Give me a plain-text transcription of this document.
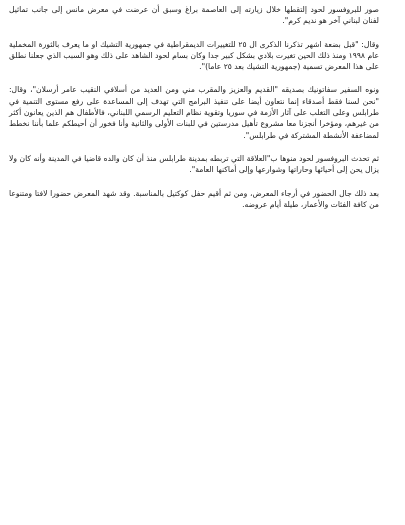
صور للبروفسور لحود إلتقطها خلال زيارته إلى العاصمة براغ وسبق أن عرضت في معرض مانس إلى جانب تماثيل لفنان لبناني آخر هو نديم كرم".

وقال: "قبل بضعة اشهر تذكرنا الذكرى ال ٢٥ للتغييرات الديمقراطية في جمهورية التشيك او ما يعرف بالثورة المخملية عام ١٩٩٨ ومنذ ذلك الحين تغيرت بلادي بشكل كبير جدا وكان بسام لحود الشاهد على ذلك وهو السبب الذي جعلنا نطلق على هذا المعرض تسمية (جمهورية التشيك بعد ٢٥ عاما)".

ونوه السفير سفاتونيك بصديقه "القديم والعزيز والمقرب مني ومن العديد من أسلافي النقيب عامر أرسلان"، وقال: "نحن لسنا فقط أصدقاء إنما نتعاون أيضا على تنفيذ البرامج التي تهدف إلى المساعدة على رفع مستوى التنمية في طرابلس وعلى التغلب على آثار الأزمة في سوريا وتقوية نظام التعليم الرسمي اللبناني، فالأطفال هم الذين يعانون أكثر من غيرهم، ومؤخرا أنجزنا معا مشروع تأهيل مدرستين في للبنات الأولى والثانية وأنا فخور أن أحيطكم علما بأننا نخطط لمضاعفة الأنشطة المشتركة في طرابلس".

ثم تحدث البروفسور لحود منوها ب"العلاقة التي تربطه بمدينة طرابلس منذ أن كان والده قاضيا في المدينة وأنه كان ولا يزال يحن إلى أحيائها وحاراتها وشوارعها وإلى أماكنها العامة".

بعد ذلك جال الحضور في أرجاء المعرض، ومن ثم أقيم حفل كوكتيل بالمناسبة. وقد شهد المعرض حضورا لافتا ومتنوعا من كافة الفئات والأعمار، طيلة أيام عروضه.
